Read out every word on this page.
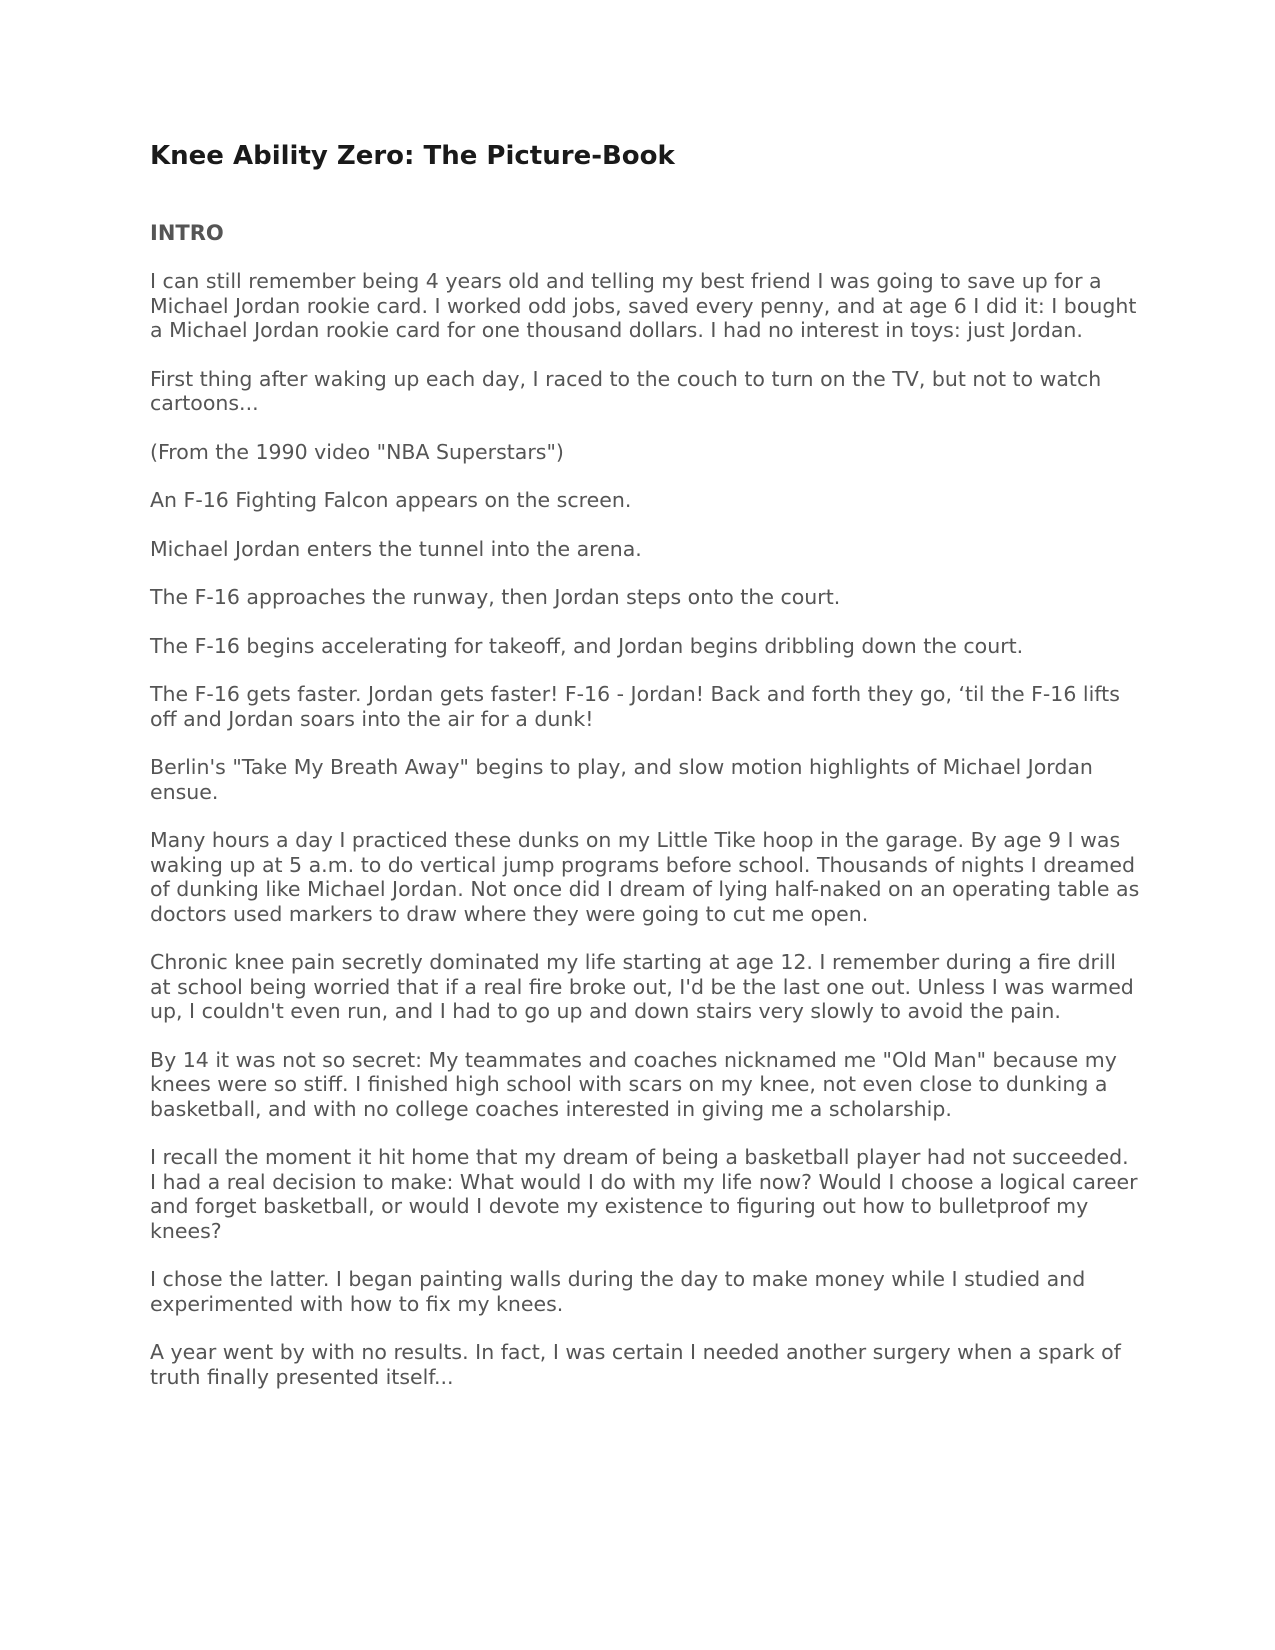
Knee Ability Zero: The Picture-Book
INTRO

I can still remember being 4 years old and telling my best friend I was going to save up for a Michael Jordan rookie card. I worked odd jobs, saved every penny, and at age 6 I did it: I bought a Michael Jordan rookie card for one thousand dollars. I had no interest in toys: just Jordan.

First thing after waking up each day, I raced to the couch to turn on the TV, but not to watch cartoons...

(From the 1990 video "NBA Superstars")

An F-16 Fighting Falcon appears on the screen.

Michael Jordan enters the tunnel into the arena.

The F-16 approaches the runway, then Jordan steps onto the court.

The F-16 begins accelerating for takeoff, and Jordan begins dribbling down the court.

The F-16 gets faster. Jordan gets faster! F-16 - Jordan! Back and forth they go, ‘til the F-16 lifts off and Jordan soars into the air for a dunk!

Berlin's "Take My Breath Away" begins to play, and slow motion highlights of Michael Jordan ensue.

Many hours a day I practiced these dunks on my Little Tike hoop in the garage. By age 9 I was waking up at 5 a.m. to do vertical jump programs before school. Thousands of nights I dreamed of dunking like Michael Jordan. Not once did I dream of lying half-naked on an operating table as doctors used markers to draw where they were going to cut me open.

Chronic knee pain secretly dominated my life starting at age 12. I remember during a fire drill at school being worried that if a real fire broke out, I'd be the last one out. Unless I was warmed up, I couldn't even run, and I had to go up and down stairs very slowly to avoid the pain.

By 14 it was not so secret: My teammates and coaches nicknamed me "Old Man" because my knees were so stiff. I finished high school with scars on my knee, not even close to dunking a basketball, and with no college coaches interested in giving me a scholarship.

I recall the moment it hit home that my dream of being a basketball player had not succeeded. I had a real decision to make: What would I do with my life now? Would I choose a logical career and forget basketball, or would I devote my existence to figuring out how to bulletproof my knees?

I chose the latter. I began painting walls during the day to make money while I studied and experimented with how to fix my knees.

A year went by with no results. In fact, I was certain I needed another surgery when a spark of truth finally presented itself...
